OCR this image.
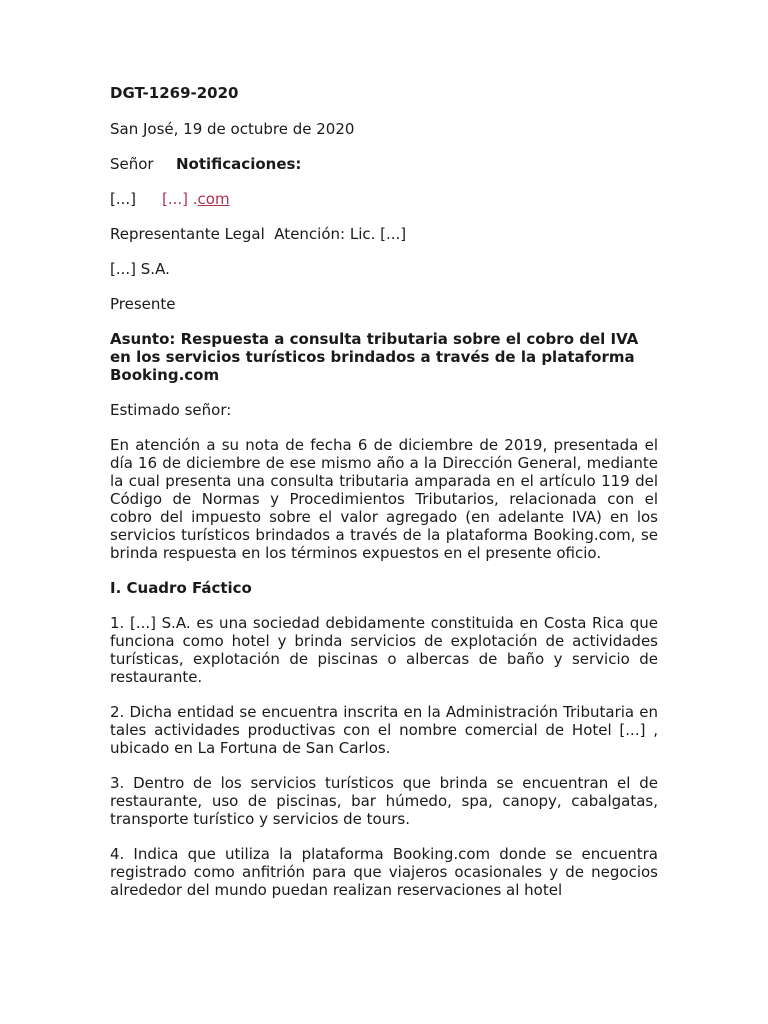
DGT-1269-2020
San José, 19 de octubre de 2020
Señor	Notificaciones:
[...]	[...] .com
Representante Legal  Atención: Lic. [...]
[...] S.A.
Presente
Asunto: Respuesta a consulta tributaria sobre el cobro del IVA
en los servicios turísticos brindados a través de la plataforma
Booking.com
Estimado señor:
En atención a su nota de fecha 6 de diciembre de 2019, presentada el día 16 de diciembre de ese mismo año a la Dirección General, mediante la cual presenta una consulta tributaria amparada en el artículo 119 del Código de Normas y Procedimientos Tributarios, relacionada con el cobro del impuesto sobre el valor agregado (en adelante IVA) en los servicios turísticos brindados a través de la plataforma Booking.com, se brinda respuesta en los términos expuestos en el presente oficio.
I. Cuadro Fáctico
1. [...] S.A. es una sociedad debidamente constituida en Costa Rica que funciona como hotel y brinda servicios de explotación de actividades turísticas, explotación de piscinas o albercas de baño y servicio de restaurante.
2. Dicha entidad se encuentra inscrita en la Administración Tributaria en tales actividades productivas con el nombre comercial de Hotel [...] , ubicado en La Fortuna de San Carlos.
3. Dentro de los servicios turísticos que brinda se encuentran el de restaurante, uso de piscinas, bar húmedo, spa, canopy, cabalgatas, transporte turístico y servicios de tours.
4. Indica que utiliza la plataforma Booking.com donde se encuentra registrado como anfitrión para que viajeros ocasionales y de negocios alrededor del mundo puedan realizan reservaciones al hotel
